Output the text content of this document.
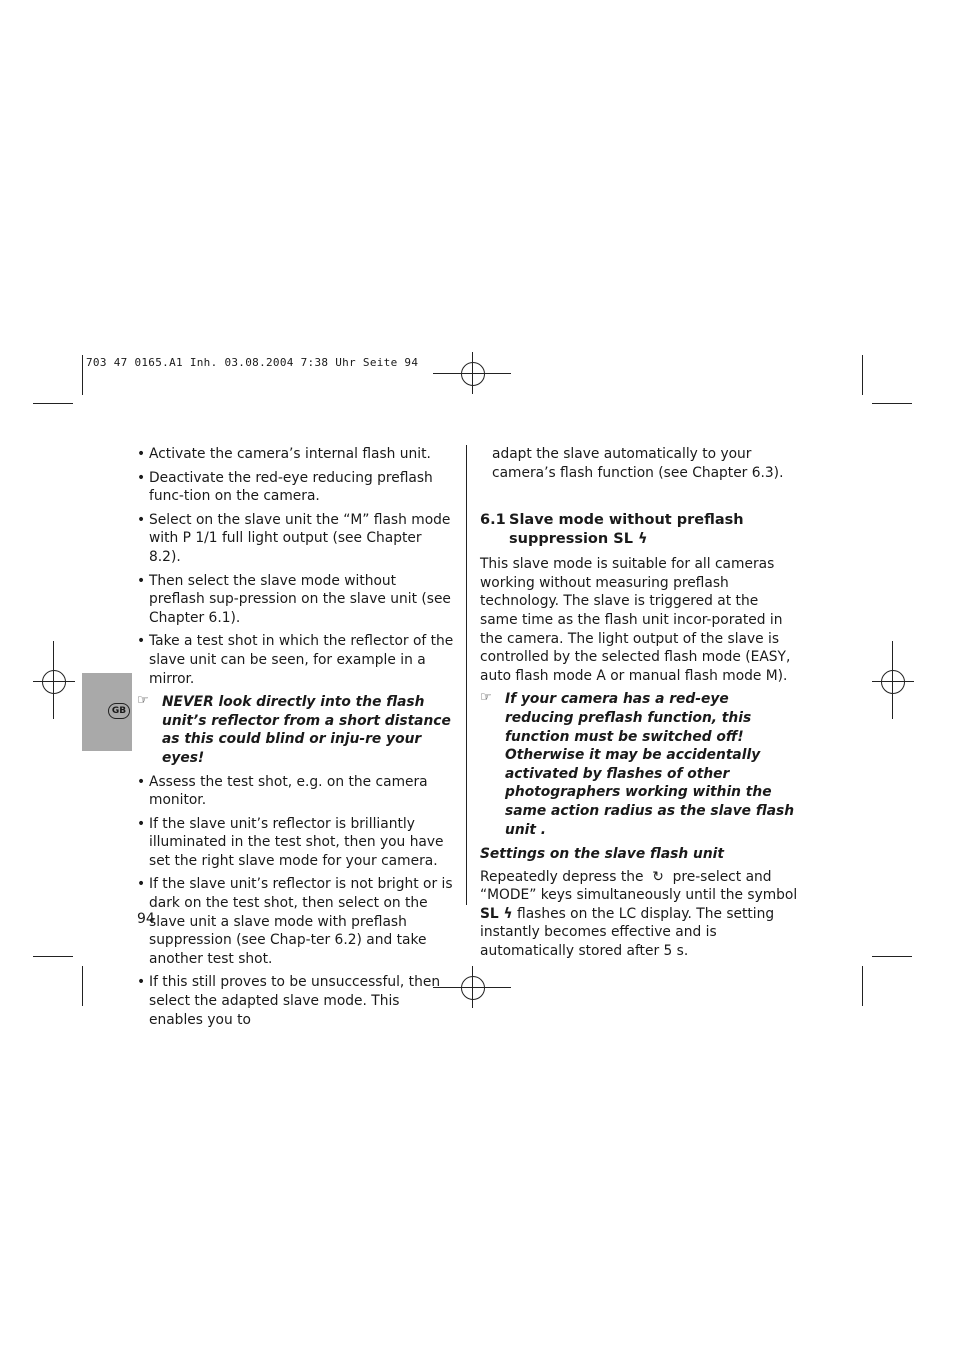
703 47 0165.A1 Inh. 03.08.2004 7:38 Uhr Seite 94
GB
• Activate the camera’s internal flash unit.
• Deactivate the red-eye reducing preflash func-tion on the camera.
• Select on the slave unit the “M” flash mode with P 1/1 full light output (see Chapter 8.2).
• Then select the slave mode without preflash sup-pression on the slave unit (see Chapter 6.1).
• Take a test shot in which the reflector of the slave unit can be seen, for example in a mirror.
☞ NEVER look directly into the flash unit’s reflector from a short distance as this could blind or inju-re your eyes!
• Assess the test shot, e.g. on the camera monitor.
• If the slave unit’s reflector is brilliantly illuminated in the test shot, then you have set the right slave mode for your camera.
• If the slave unit’s reflector is not bright or is dark on the test shot, then select on the slave unit a slave mode with preflash suppression (see Chap-ter 6.2) and take another test shot.
• If this still proves to be unsuccessful, then select the adapted slave mode. This enables you to
94

adapt the slave automatically to your camera’s flash function (see Chapter 6.3).

6.1 Slave mode without preflash suppression SL ϟ

This slave mode is suitable for all cameras working without measuring preflash technology. The slave is triggered at the same time as the flash unit incor-porated in the camera. The light output of the slave is controlled by the selected flash mode (EASY, auto flash mode A or manual flash mode M).

☞ If your camera has a red-eye reducing preflash function, this function must be switched off! Otherwise it may be accidentally activated by flashes of other photographers working within the same action radius as the slave flash unit .

Settings on the slave flash unit

Repeatedly depress the  ↻  pre-select and “MODE” keys simultaneously until the symbol SL ϟ flashes on the LC display. The setting instantly becomes effective and is automatically stored after 5 s.
